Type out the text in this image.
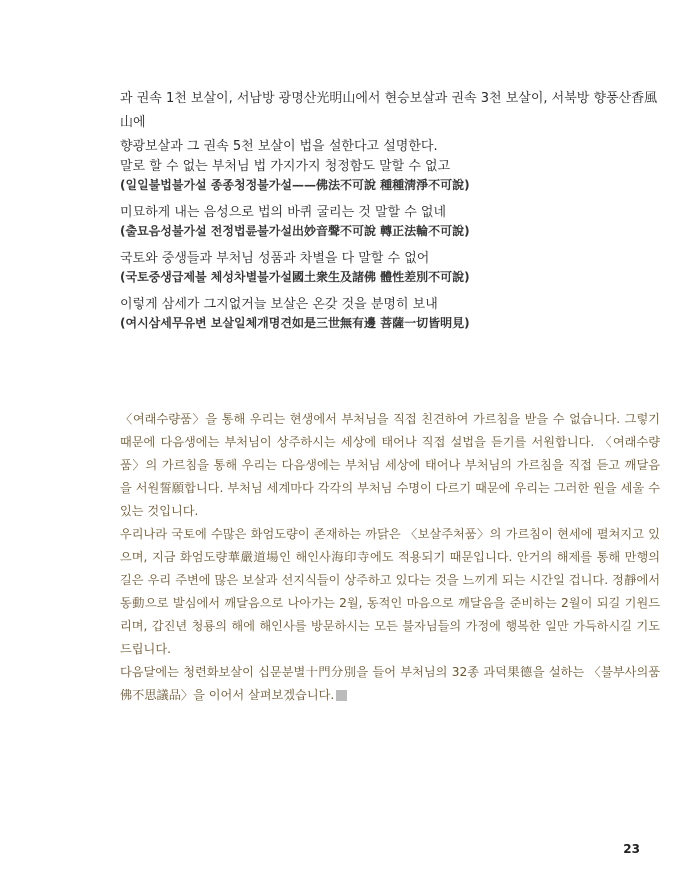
과 권속 1천 보살이, 서남방 광명산光明山에서 현승보살과 권속 3천 보살이, 서북방 향풍산香風山에

향광보살과 그 권속 5천 보살이 법을 설한다고 설명한다.

말로 할 수 없는 부처님 법 가지가지 청정함도 말할 수 없고

(일일불법불가설 종종청정불가설——佛法不可說 種種淸淨不可說)

미묘하게 내는 음성으로 법의 바퀴 굴리는 것 말할 수 없네

(출묘음성불가설 전정법륜불가설出妙音聲不可說 轉正法輪不可說)

국토와 중생들과 부처님 성품과 차별을 다 말할 수 없어

(국토중생급제불 체성차별불가설國土衆生及諸佛 體性差別不可說)

이렇게 삼세가 그지없거늘 보살은 온갖 것을 분명히 보내

(여시삼세무유변 보살일체개명견如是三世無有邊 菩薩一切皆明見)

〈여래수량품〉을 통해 우리는 현생에서 부처님을 직접 친견하여 가르침을 받을 수 없습니다. 그렇기 때문에 다음생에는 부처님이 상주하시는 세상에 태어나 직접 설법을 듣기를 서원합니다. 〈여래수량품〉의 가르침을 통해 우리는 다음생에는 부처님 세상에 태어나 부처님의 가르침을 직접 듣고 깨달음을 서원誓願합니다. 부처님 세계마다 각각의 부처님 수명이 다르기 때문에 우리는 그러한 원을 세울 수 있는 것입니다.

우리나라 국토에 수많은 화엄도량이 존재하는 까닭은 〈보살주처품〉의 가르침이 현세에 펼쳐지고 있으며, 지금 화엄도량華嚴道場인 해인사海印寺에도 적용되기 때문입니다. 안거의 해제를 통해 만행의 길은 우리 주변에 많은 보살과 선지식들이 상주하고 있다는 것을 느끼게 되는 시간일 겁니다. 정靜에서 동動으로 발심에서 깨달음으로 나아가는 2월, 동적인 마음으로 깨달음을 준비하는 2월이 되길 기원드리며, 갑진년 청룡의 해에 해인사를 방문하시는 모든 불자님들의 가정에 행복한 일만 가득하시길 기도드립니다.

다음달에는 청련화보살이 십문분별十門分別을 들어 부처님의 32종 과덕果德을 설하는 〈불부사의품佛不思議品〉을 이어서 살펴보겠습니다.

23
